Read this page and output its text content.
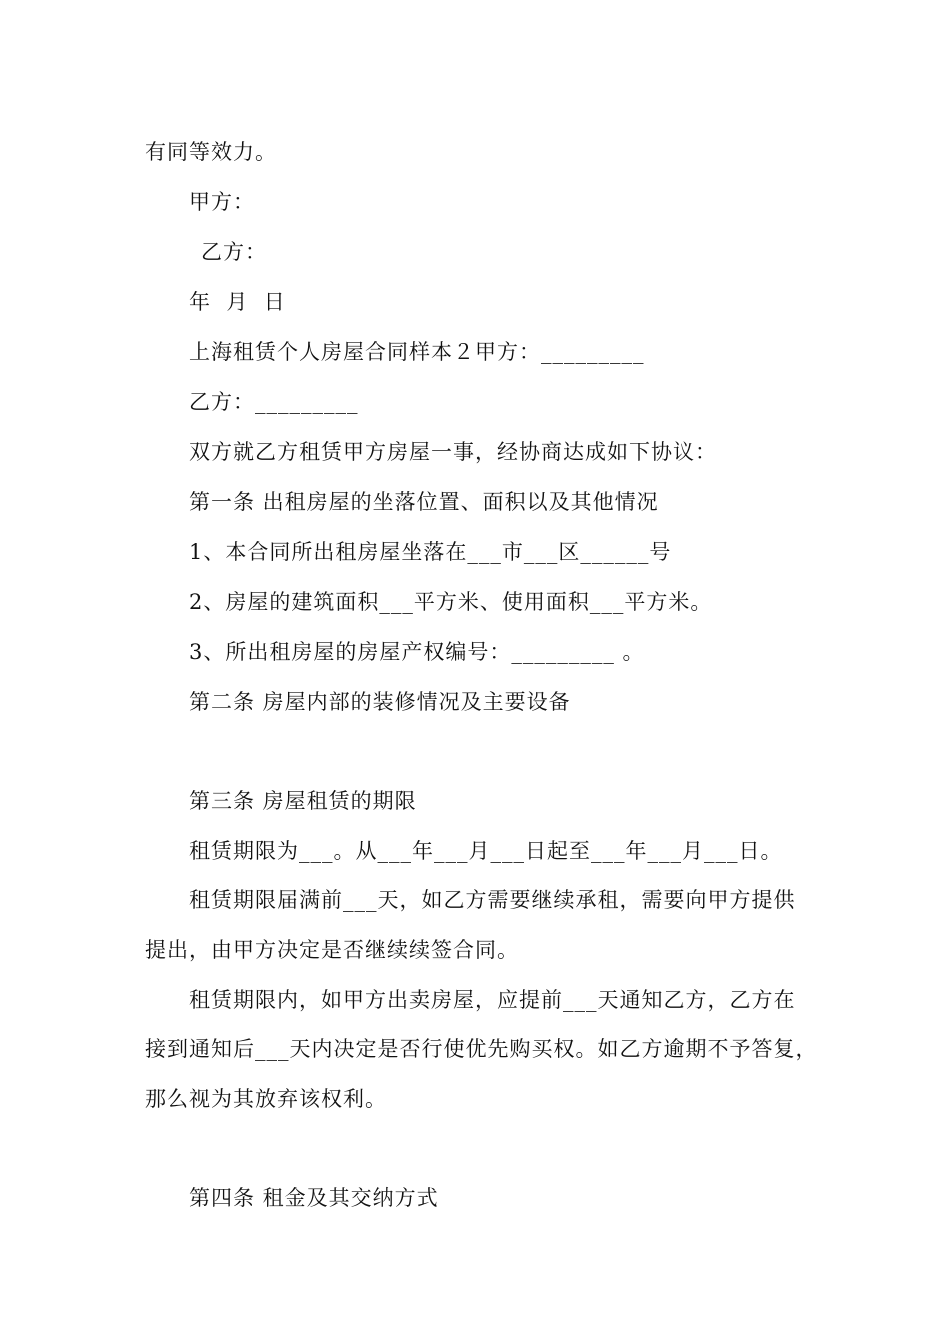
有同等效力。

甲方：

乙方：

年  月  日

上海租赁个人房屋合同样本２甲方：_________

乙方：_________

双方就乙方租赁甲方房屋一事，经协商达成如下协议：

第一条 出租房屋的坐落位置、面积以及其他情况

1、本合同所出租房屋坐落在___市___区______号

2、房屋的建筑面积___平方米、使用面积___平方米。

3、所出租房屋的房屋产权编号：_________ 。

第二条 房屋内部的装修情况及主要设备

第三条 房屋租赁的期限

租赁期限为___。从___年___月___日起至___年___月___日。

租赁期限届满前___天，如乙方需要继续承租，需要向甲方提供

提出，由甲方决定是否继续续签合同。

租赁期限内，如甲方出卖房屋，应提前___天通知乙方，乙方在

接到通知后___天内决定是否行使优先购买权。如乙方逾期不予答复，

那么视为其放弃该权利。

第四条 租金及其交纳方式
